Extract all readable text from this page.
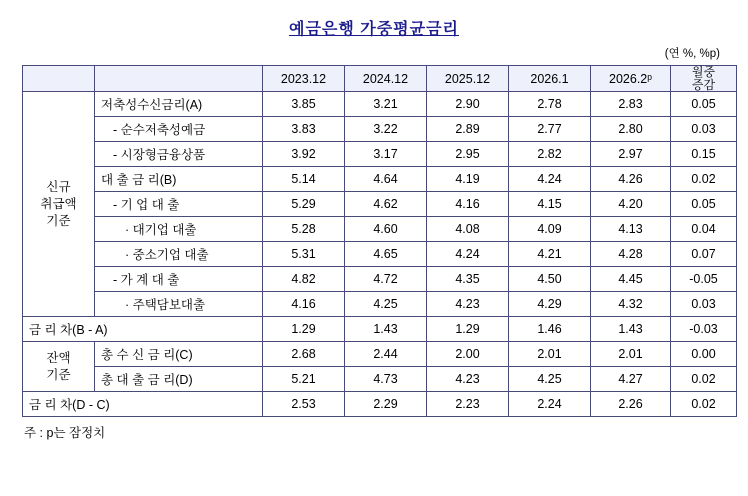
예금은행 가중평균금리
(연 %, %p)
		2023.12	2024.12	2025.12	2026.1	2026.2ᵖ	월중
증감
신규
취급액
기준	저축성수신금리(A)	3.85	3.21	2.90	2.78	2.83	0.05
	- 순수저축성예금	3.83	3.22	2.89	2.77	2.80	0.03
	- 시장형금융상품	3.92	3.17	2.95	2.82	2.97	0.15
	대 출 금 리(B)	5.14	4.64	4.19	4.24	4.26	0.02
	- 기 업 대 출	5.29	4.62	4.16	4.15	4.20	0.05
	· 대기업 대출	5.28	4.60	4.08	4.09	4.13	0.04
	· 중소기업 대출	5.31	4.65	4.24	4.21	4.28	0.07
	- 가 계 대 출	4.82	4.72	4.35	4.50	4.45	-0.05
	· 주택담보대출	4.16	4.25	4.23	4.29	4.32	0.03
금 리 차(B - A)		1.29	1.43	1.29	1.46	1.43	-0.03
잔액
기준	총 수 신 금 리(C)	2.68	2.44	2.00	2.01	2.01	0.00
	총 대 출 금 리(D)	5.21	4.73	4.23	4.25	4.27	0.02
금 리 차(D - C)		2.53	2.29	2.23	2.24	2.26	0.02
주 : p는 잠정치
